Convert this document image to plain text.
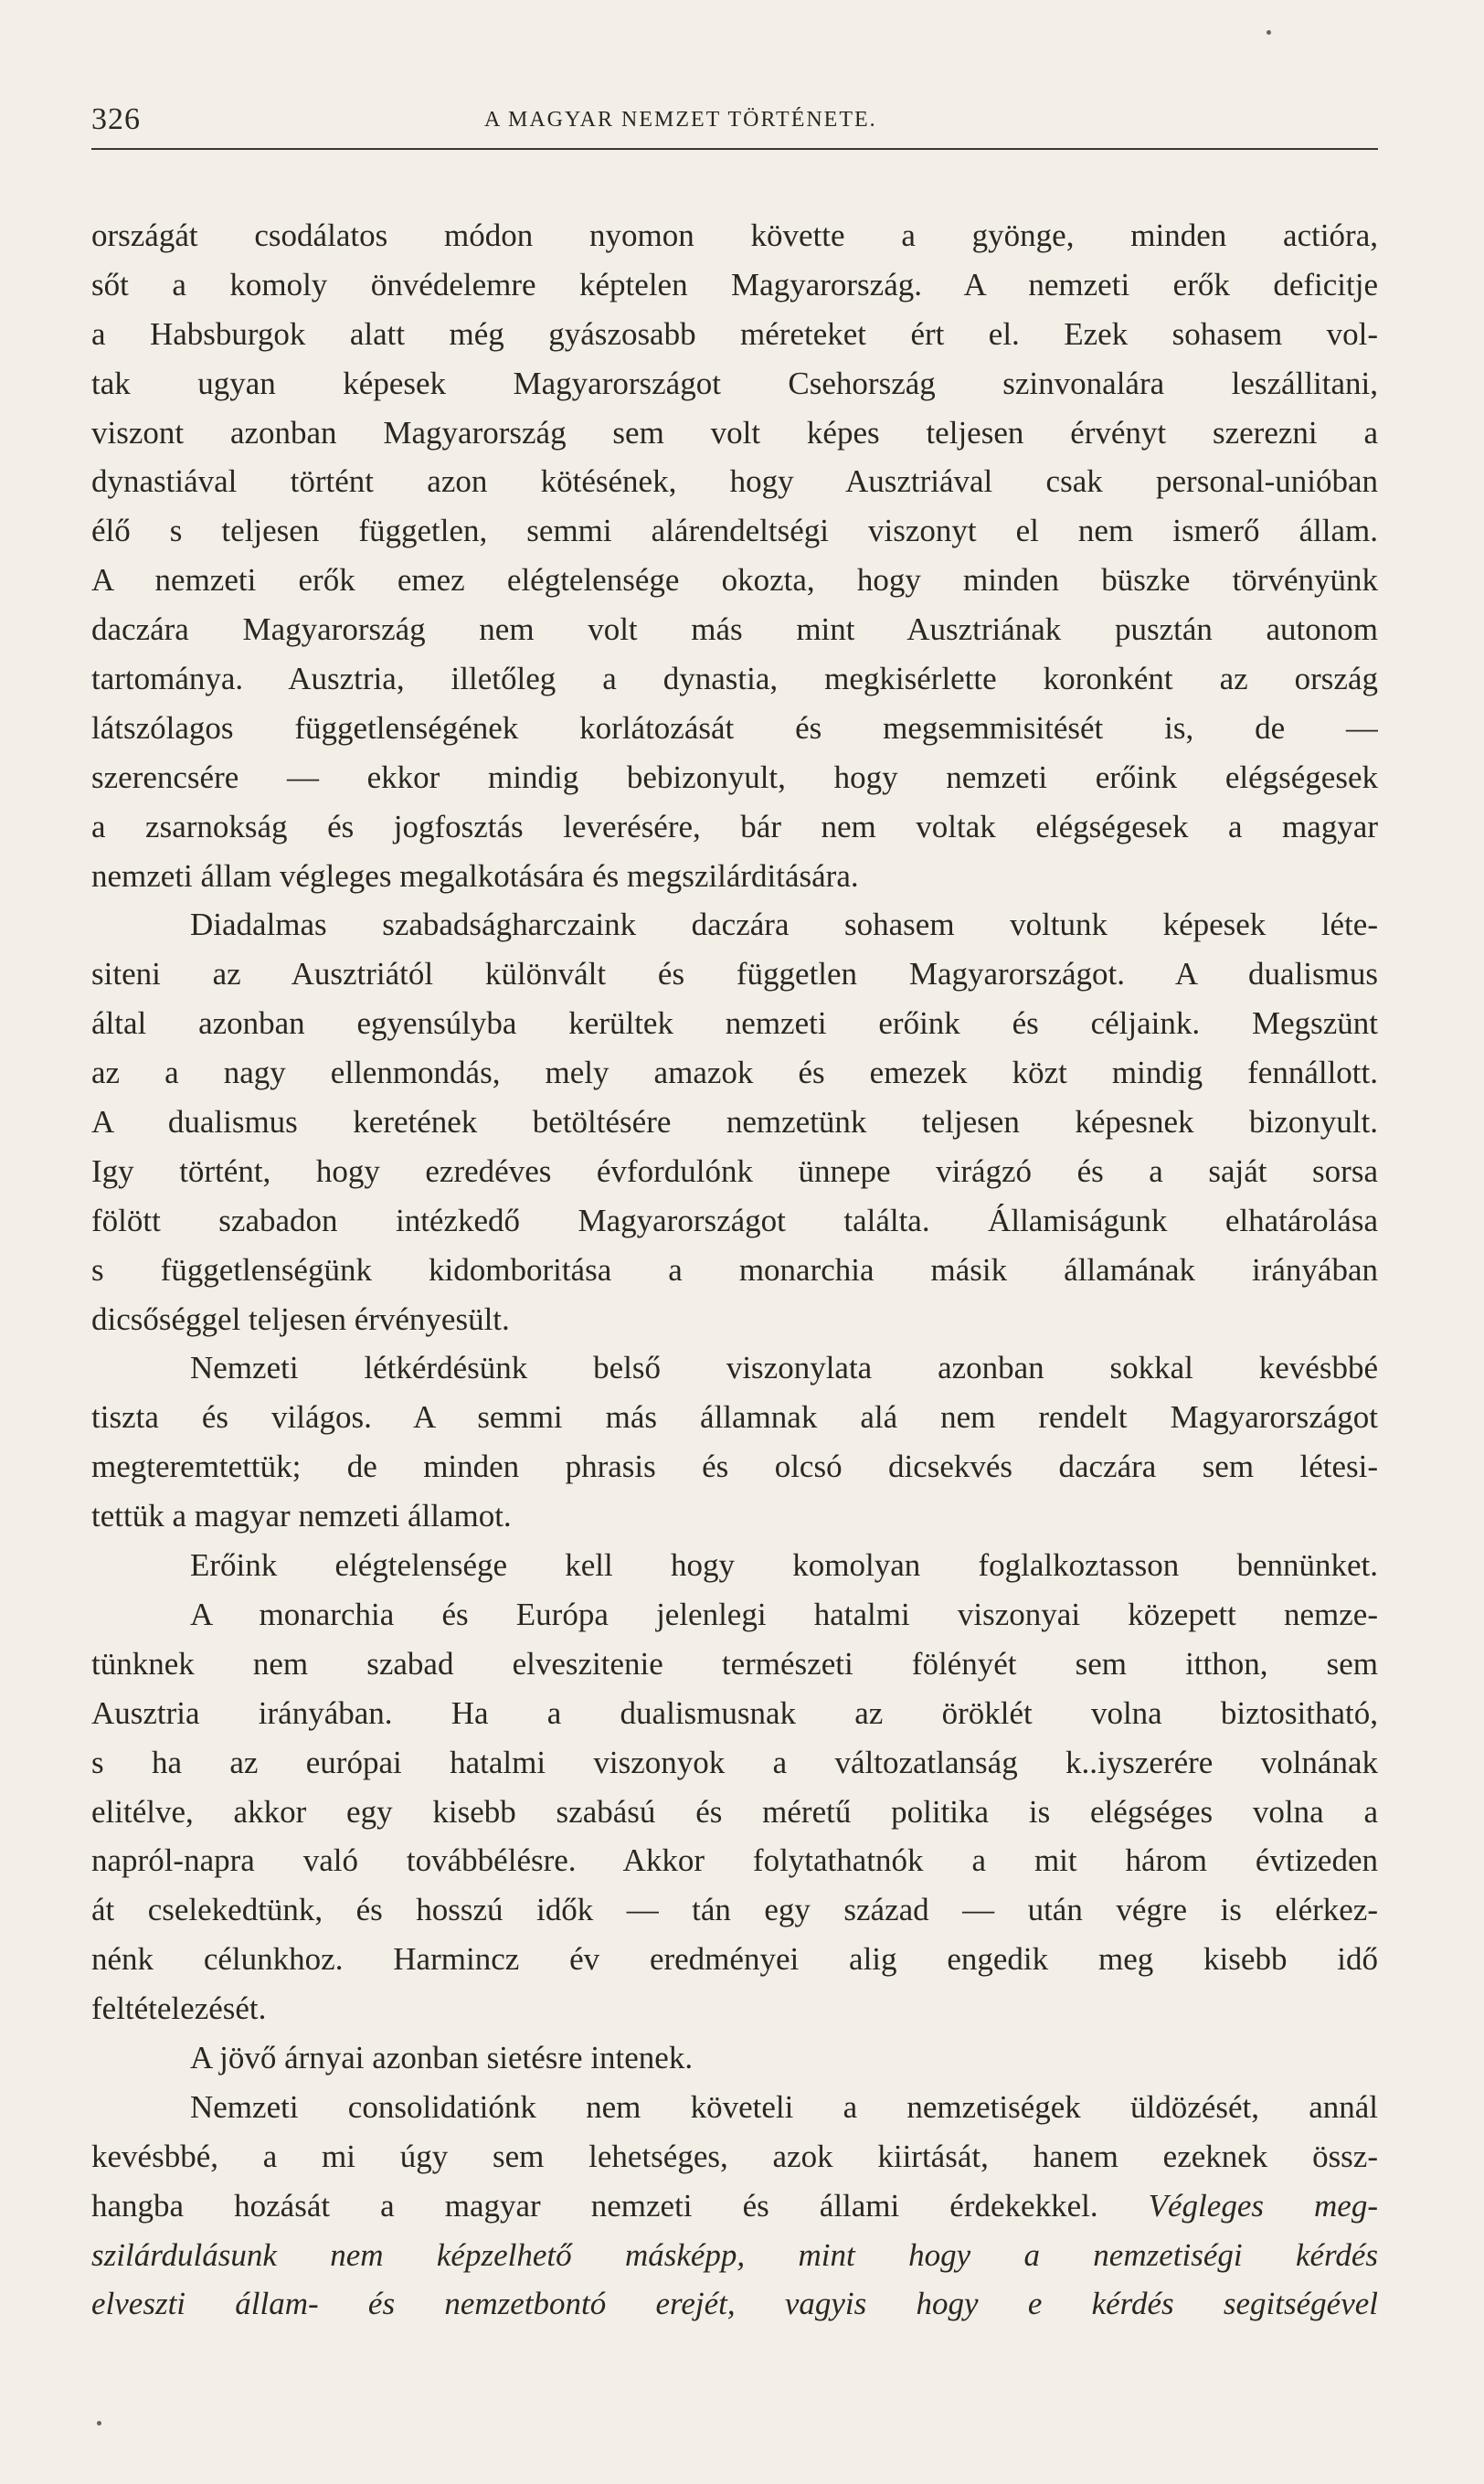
326	A MAGYAR NEMZET TÖRTÉNETE.
országát csodálatos módon nyomon követte a gyönge, minden actióra,
sőt a komoly önvédelemre képtelen Magyarország. A nemzeti erők deficitje
a Habsburgok alatt még gyászosabb méreteket ért el. Ezek sohasem vol-
tak ugyan képesek Magyarországot Csehország szinvonalára leszállitani,
viszont azonban Magyarország sem volt képes teljesen érvényt szerezni a
dynastiával történt azon kötésének, hogy Ausztriával csak personal-unióban
élő s teljesen független, semmi alárendeltségi viszonyt el nem ismerő állam.
A nemzeti erők emez elégtelensége okozta, hogy minden büszke törvényünk
daczára Magyarország nem volt más mint Ausztriának pusztán autonom
tartománya. Ausztria, illetőleg a dynastia, megkisérlette koronként az ország
látszólagos függetlenségének korlátozását és megsemmisitését is, de —
szerencsére — ekkor mindig bebizonyult, hogy nemzeti erőink elégségesek
a zsarnokság és jogfosztás leverésére, bár nem voltak elégségesek a magyar
nemzeti állam végleges megalkotására és megszilárditására.
Diadalmas szabadságharczaink daczára sohasem voltunk képesek léte-
siteni az Ausztriától különvált és független Magyarországot. A dualismus
által azonban egyensúlyba kerültek nemzeti erőink és céljaink. Megszünt
az a nagy ellenmondás, mely amazok és emezek közt mindig fennállott.
A dualismus keretének betöltésére nemzetünk teljesen képesnek bizonyult.
Igy történt, hogy ezredéves évfordulónk ünnepe virágzó és a saját sorsa
fölött szabadon intézkedő Magyarországot találta. Államiságunk elhatárolása
s függetlenségünk kidomboritása a monarchia másik államának irányában
dicsőséggel teljesen érvényesült.
Nemzeti létkérdésünk belső viszonylata azonban sokkal kevésbbé
tiszta és világos. A semmi más államnak alá nem rendelt Magyarországot
megteremtettük; de minden phrasis és olcsó dicsekvés daczára sem létesi-
tettük a magyar nemzeti államot.
Erőink elégtelensége kell hogy komolyan foglalkoztasson bennünket.
A monarchia és Európa jelenlegi hatalmi viszonyai közepett nemze-
tünknek nem szabad elveszitenie természeti fölényét sem itthon, sem
Ausztria irányában. Ha a dualismusnak az öröklét volna biztositható,
s ha az európai hatalmi viszonyok a változatlanság k..iyszerére volnának
elitélve, akkor egy kisebb szabású és méretű politika is elégséges volna a
napról-napra való továbbélésre. Akkor folytathatnók a mit három évtizeden
át cselekedtünk, és hosszú idők — tán egy század — után végre is elérkez-
nénk célunkhoz. Harmincz év eredményei alig engedik meg kisebb idő
feltételezését.
A jövő árnyai azonban sietésre intenek.
Nemzeti consolidatiónk nem követeli a nemzetiségek üldözését, annál
kevésbbé, a mi úgy sem lehetséges, azok kiirtását, hanem ezeknek össz-
hangba hozását a magyar nemzeti és állami érdekekkel. Végleges meg-
szilárdulásunk nem képzelhető másképp, mint hogy a nemzetiségi kérdés
elveszti állam- és nemzetbontó erejét, vagyis hogy e kérdés segitségével
